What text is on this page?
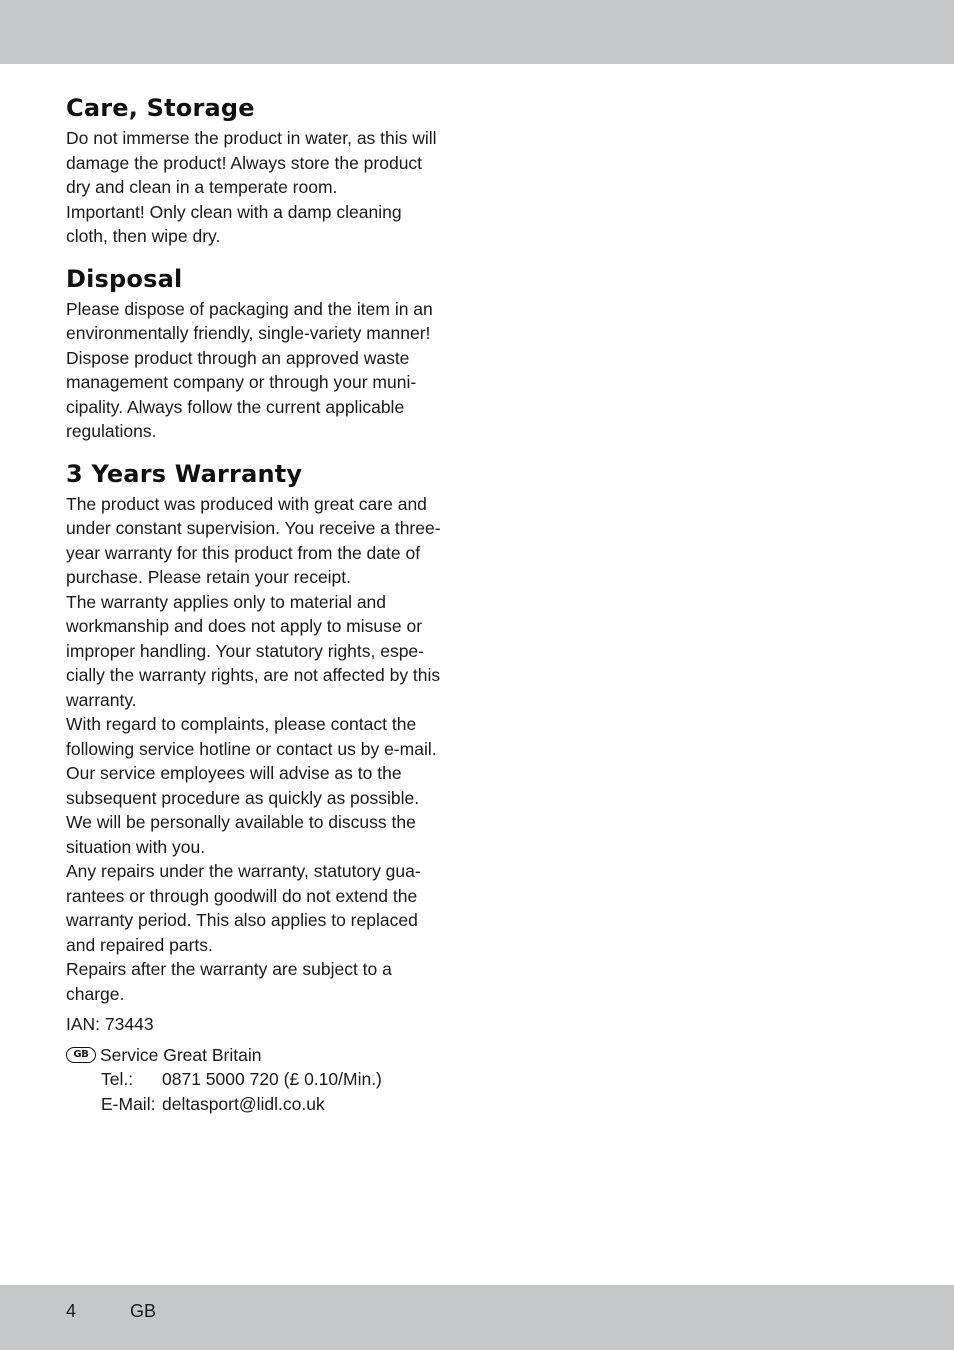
Care, Storage

Do not immerse the product in water, as this will
damage the product! Always store the product
dry and clean in a temperate room.
Important! Only clean with a damp cleaning
cloth, then wipe dry.

Disposal

Please dispose of packaging and the item in an
environmentally friendly, single-variety manner!
Dispose product through an approved waste
management company or through your muni-
cipality. Always follow the current applicable
regulations.

3 Years Warranty

The product was produced with great care and
under constant supervision. You receive a three-
year warranty for this product from the date of
purchase. Please retain your receipt.
The warranty applies only to material and
workmanship and does not apply to misuse or
improper handling. Your statutory rights, espe-
cially the warranty rights, are not affected by this
warranty.
With regard to complaints, please contact the
following service hotline or contact us by e-mail.
Our service employees will advise as to the
subsequent procedure as quickly as possible.
We will be personally available to discuss the
situation with you.
Any repairs under the warranty, statutory gua-
rantees or through goodwill do not extend the
warranty period. This also applies to replaced
and repaired parts.
Repairs after the warranty are subject to a
charge.

IAN: 73443

GB Service Great Britain
Tel.:	0871 5000 720 (£ 0.10/Min.)
E-Mail: deltasport@lidl.co.uk
4	GB
